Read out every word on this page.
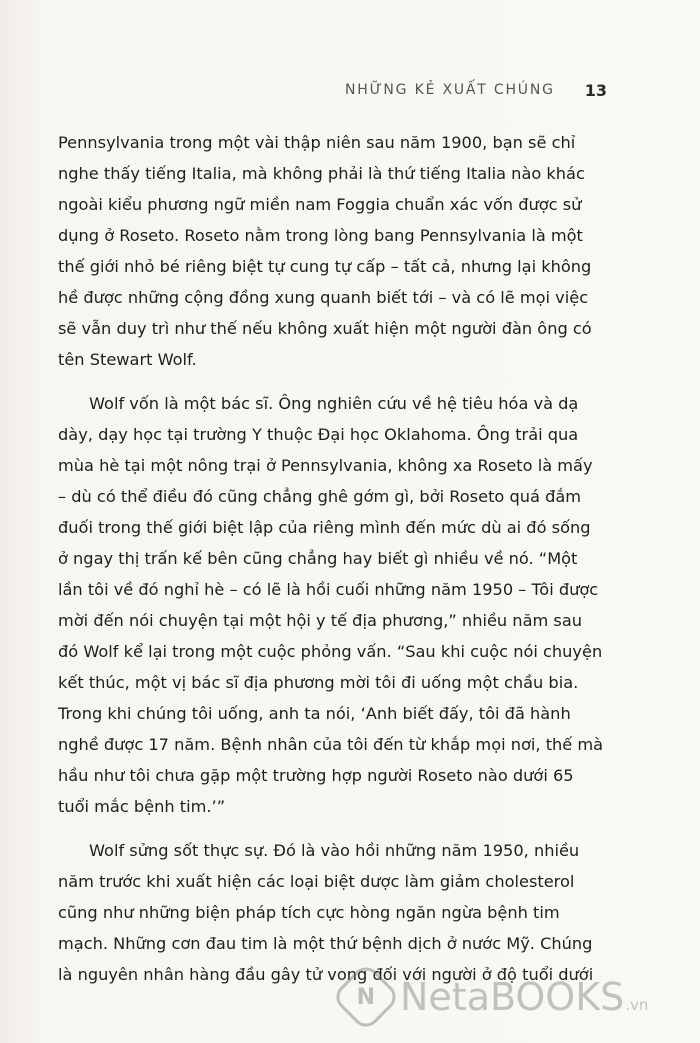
NHỮNG KẺ XUẤT CHÚNG 13
Pennsylvania trong một vài thập niên sau năm 1900, bạn sẽ chỉ
nghe thấy tiếng Italia, mà không phải là thứ tiếng Italia nào khác
ngoài kiểu phương ngữ miền nam Foggia chuẩn xác vốn được sử
dụng ở Roseto. Roseto nằm trong lòng bang Pennsylvania là một
thế giới nhỏ bé riêng biệt tự cung tự cấp – tất cả, nhưng lại không
hề được những cộng đồng xung quanh biết tới – và có lẽ mọi việc
sẽ vẫn duy trì như thế nếu không xuất hiện một người đàn ông có
tên Stewart Wolf.
Wolf vốn là một bác sĩ. Ông nghiên cứu về hệ tiêu hóa và dạ
dày, dạy học tại trường Y thuộc Đại học Oklahoma. Ông trải qua
mùa hè tại một nông trại ở Pennsylvania, không xa Roseto là mấy
– dù có thể điều đó cũng chẳng ghê gớm gì, bởi Roseto quá đắm
đuối trong thế giới biệt lập của riêng mình đến mức dù ai đó sống
ở ngay thị trấn kế bên cũng chẳng hay biết gì nhiều về nó. “Một
lần tôi về đó nghỉ hè – có lẽ là hồi cuối những năm 1950 – Tôi được
mời đến nói chuyện tại một hội y tế địa phương,” nhiều năm sau
đó Wolf kể lại trong một cuộc phỏng vấn. “Sau khi cuộc nói chuyện
kết thúc, một vị bác sĩ địa phương mời tôi đi uống một chầu bia.
Trong khi chúng tôi uống, anh ta nói, ‘Anh biết đấy, tôi đã hành
nghề được 17 năm. Bệnh nhân của tôi đến từ khắp mọi nơi, thế mà
hầu như tôi chưa gặp một trường hợp người Roseto nào dưới 65
tuổi mắc bệnh tim.’”
Wolf sửng sốt thực sự. Đó là vào hồi những năm 1950, nhiều
năm trước khi xuất hiện các loại biệt dược làm giảm cholesterol
cũng như những biện pháp tích cực hòng ngăn ngừa bệnh tim
mạch. Những cơn đau tim là một thứ bệnh dịch ở nước Mỹ. Chúng
là nguyên nhân hàng đầu gây tử vong đối với người ở độ tuổi dưới
N NetaBOOKS.vn
